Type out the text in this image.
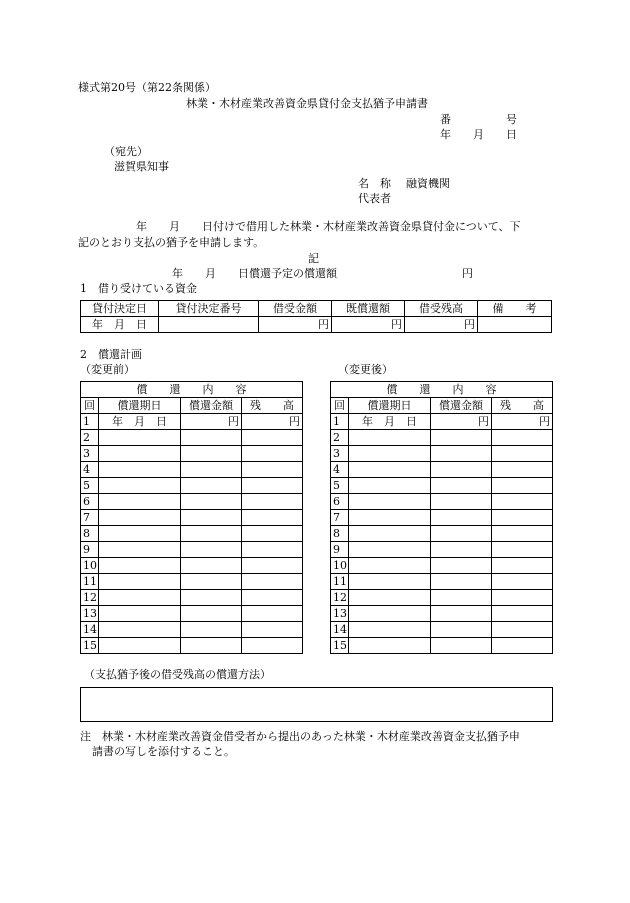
様式第20号（第22条関係）
林業・木材産業改善資金県貸付金支払猶予申請書
番　　　　　号
年　　月　　日
（宛先）
滋賀県知事
名　称 融資機関
代表者
年　　月　　日付けで借用した林業・木材産業改善資金県貸付金について、下
記のとおり支払の猶予を申請します。
記
年　　月　　日償還予定の償還額	円
1　借り受けている資金
貸付決定日	貸付決定番号	借受金額	既償還額	借受残高	備　　考
年　月　日		円	円	円	
2　償還計画
（変更前）	（変更後）
償　　還　　内　　容			
回	償還期日	償還金額	残　　高
1	年　月　日	円	円
2			
3			
4			
5			
6			
7			
8			
9			
10			
11			
12			
13			
14			
15			
償　　還　　内　　容			
回	償還期日	償還金額	残　　高
1	年　月　日	円	円
2			
3			
4			
5			
6			
7			
8			
9			
10			
11			
12			
13			
14			
15			
（支払猶予後の借受残高の償還方法）
注　林業・木材産業改善資金借受者から提出のあった林業・木材産業改善資金支払猶予申
請書の写しを添付すること。
